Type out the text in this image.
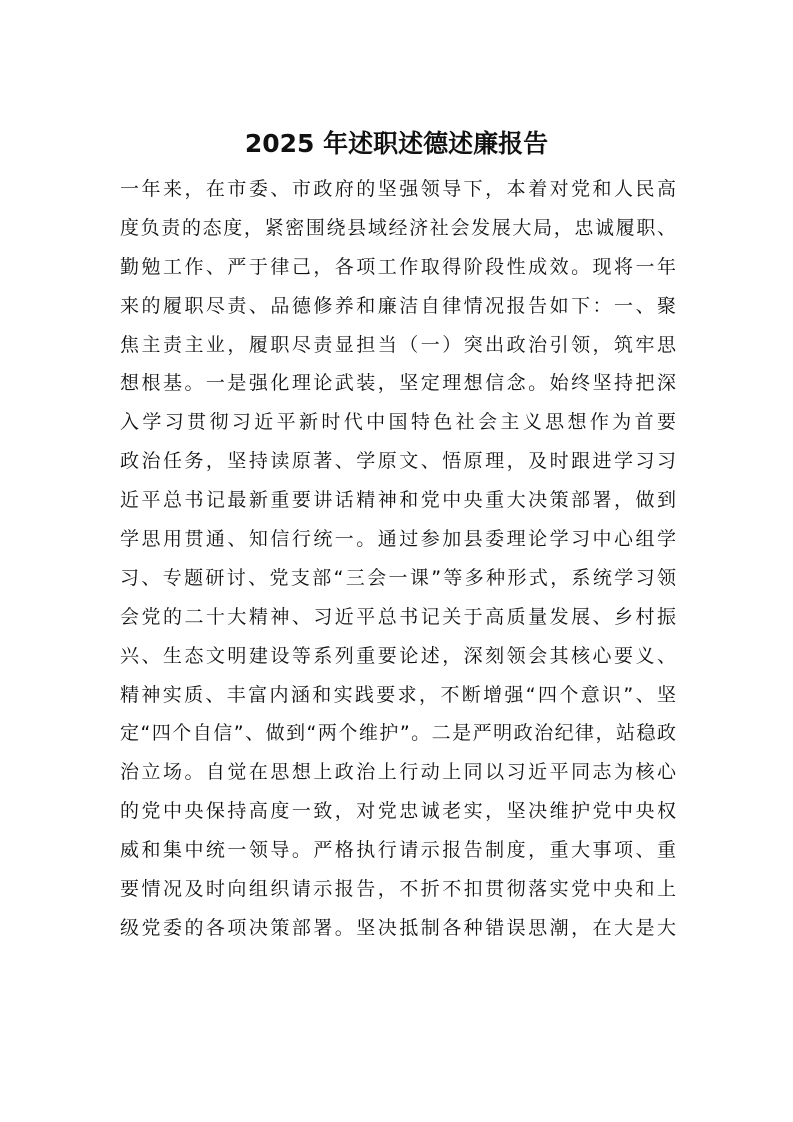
2025 年述职述德述廉报告
一年来，在市委、市政府的坚强领导下，本着对党和人民高
度负责的态度，紧密围绕县域经济社会发展大局，忠诚履职、
勤勉工作、严于律己，各项工作取得阶段性成效。现将一年
来的履职尽责、品德修养和廉洁自律情况报告如下：一、聚
焦主责主业，履职尽责显担当（一）突出政治引领，筑牢思
想根基。一是强化理论武装，坚定理想信念。始终坚持把深
入学习贯彻习近平新时代中国特色社会主义思想作为首要
政治任务，坚持读原著、学原文、悟原理，及时跟进学习习
近平总书记最新重要讲话精神和党中央重大决策部署，做到
学思用贯通、知信行统一。通过参加县委理论学习中心组学
习、专题研讨、党支部“三会一课”等多种形式，系统学习领
会党的二十大精神、习近平总书记关于高质量发展、乡村振
兴、生态文明建设等系列重要论述，深刻领会其核心要义、
精神实质、丰富内涵和实践要求，不断增强“四个意识”、坚
定“四个自信”、做到“两个维护”。二是严明政治纪律，站稳政
治立场。自觉在思想上政治上行动上同以习近平同志为核心
的党中央保持高度一致，对党忠诚老实，坚决维护党中央权
威和集中统一领导。严格执行请示报告制度，重大事项、重
要情况及时向组织请示报告，不折不扣贯彻落实党中央和上
级党委的各项决策部署。坚决抵制各种错误思潮，在大是大
